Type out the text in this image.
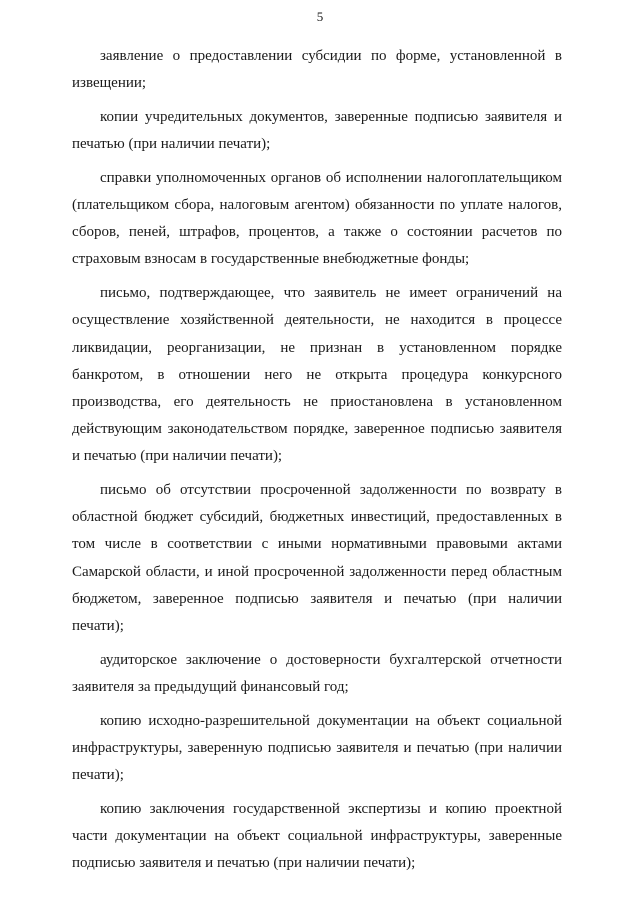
5

заявление о предоставлении субсидии по форме, установленной в извещении;

копии учредительных документов, заверенные подписью заявителя и печатью (при наличии печати);

справки уполномоченных органов об исполнении налогоплательщиком (плательщиком сбора, налоговым агентом) обязанности по уплате налогов, сборов, пеней, штрафов, процентов, а также о состоянии расчетов по страховым взносам в государственные внебюджетные фонды;

письмо, подтверждающее, что заявитель не имеет ограничений на осуществление хозяйственной деятельности, не находится в процессе ликвидации, реорганизации, не признан в установленном порядке банкротом, в отношении него не открыта процедура конкурсного производства, его деятельность не приостановлена в установленном действующим законодательством порядке, заверенное подписью заявителя и печатью (при наличии печати);

письмо об отсутствии просроченной задолженности по возврату в областной бюджет субсидий, бюджетных инвестиций, предоставленных в том числе в соответствии с иными нормативными правовыми актами Самарской области, и иной просроченной задолженности перед областным бюджетом, заверенное подписью заявителя и печатью (при наличии печати);

аудиторское заключение о достоверности бухгалтерской отчетности заявителя за предыдущий финансовый год;

копию исходно-разрешительной документации на объект социальной инфраструктуры, заверенную подписью заявителя и печатью (при наличии печати);

копию заключения государственной экспертизы и копию проектной части документации на объект социальной инфраструктуры, заверенные подписью заявителя и печатью (при наличии печати);
